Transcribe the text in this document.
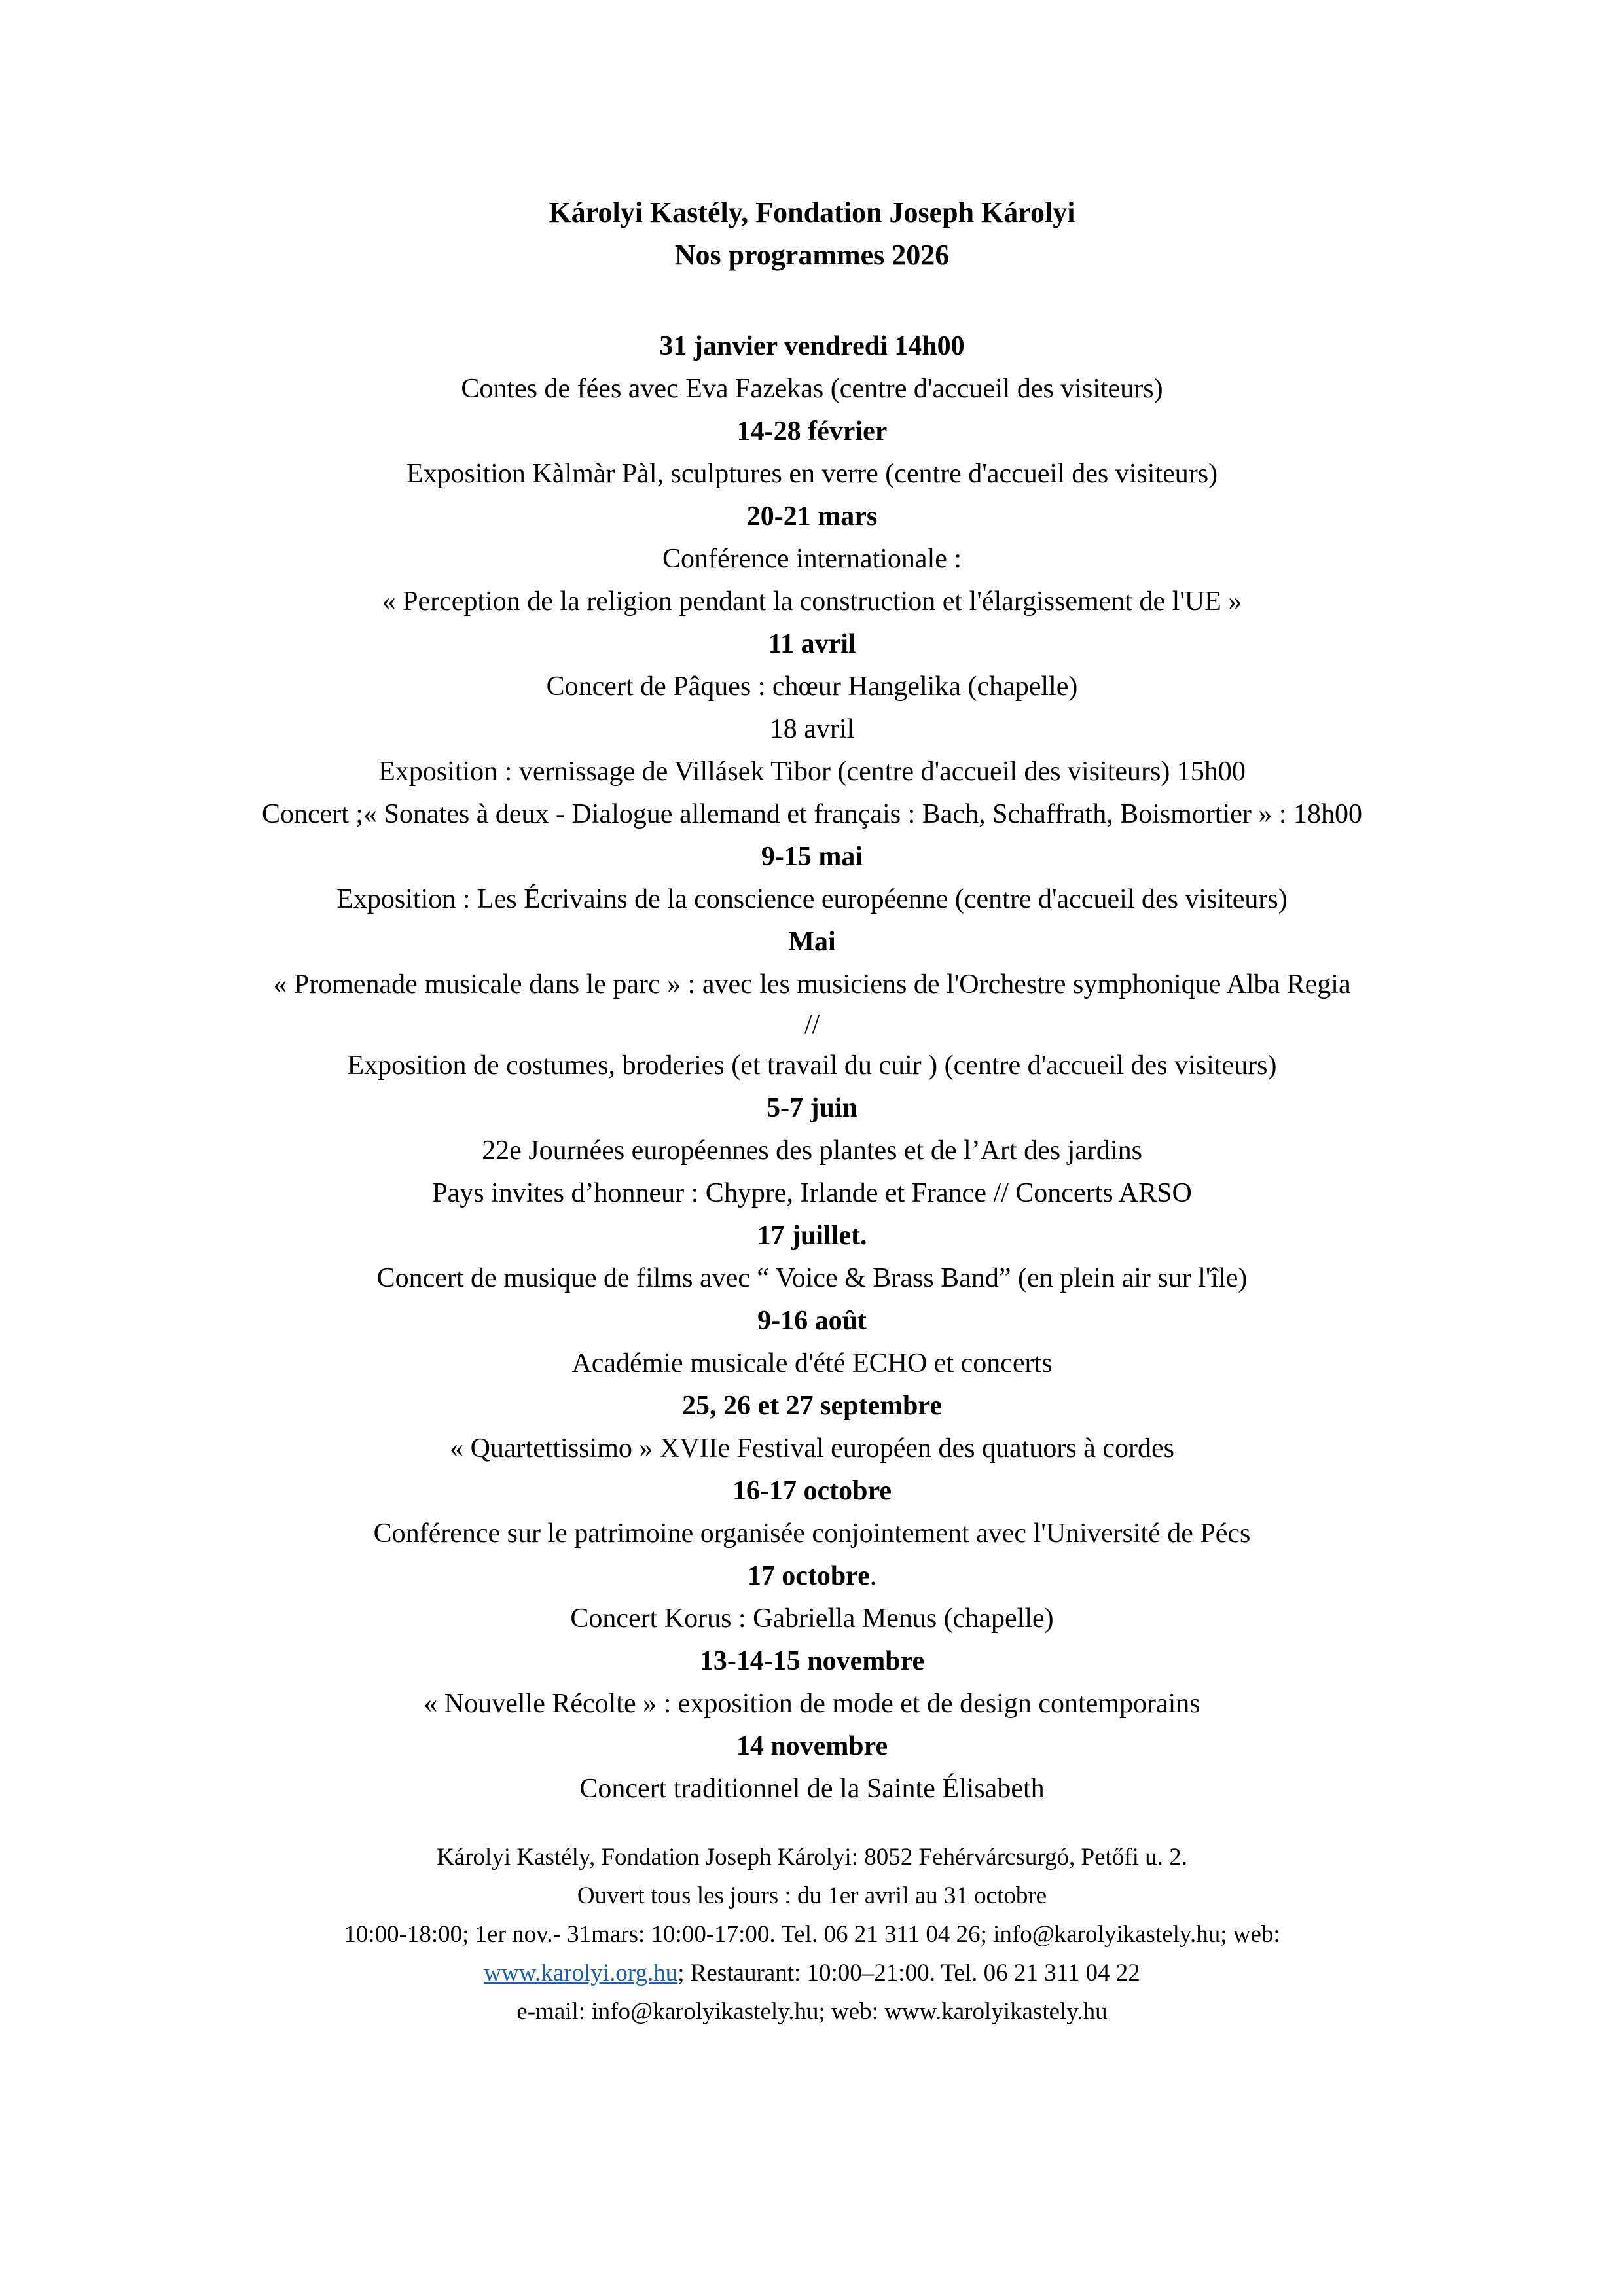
Károlyi Kastély, Fondation Joseph Károlyi
Nos programmes 2026
31 janvier vendredi 14h00
Contes de fées avec Eva Fazekas (centre d'accueil des visiteurs)
14-28 février
Exposition Kàlmàr Pàl, sculptures en verre (centre d'accueil des visiteurs)
20-21 mars
Conférence internationale :
« Perception de la religion pendant la construction et l'élargissement de l'UE »
11 avril
Concert de Pâques : chœur Hangelika (chapelle)
18 avril
Exposition : vernissage de Villásek Tibor (centre d'accueil des visiteurs) 15h00
Concert ;« Sonates à deux - Dialogue allemand et français : Bach, Schaffrath, Boismortier » : 18h00
9-15 mai
Exposition : Les Écrivains de la conscience européenne (centre d'accueil des visiteurs)
Mai
« Promenade musicale dans le parc » : avec les musiciens de l'Orchestre symphonique Alba Regia
//
Exposition de costumes, broderies (et travail du cuir ) (centre d'accueil des visiteurs)
5-7 juin
22e Journées européennes des plantes et de l’Art des jardins
Pays invites d’honneur : Chypre, Irlande et France // Concerts ARSO
17 juillet.
Concert de musique de films avec “ Voice & Brass Band” (en plein air sur l'île)
9-16 août
Académie musicale d'été ECHO et concerts
25, 26 et 27 septembre
« Quartettissimo » XVIIe Festival européen des quatuors à cordes
16-17 octobre
Conférence sur le patrimoine organisée conjointement avec l'Université de Pécs
17 octobre.
Concert Korus : Gabriella Menus (chapelle)
13-14-15 novembre
« Nouvelle Récolte » : exposition de mode et de design contemporains
14 novembre
Concert traditionnel de la Sainte Élisabeth
Károlyi Kastély, Fondation Joseph Károlyi: 8052 Fehérvárcsurgó, Petőfi u. 2.
Ouvert tous les jours : du 1er avril au 31 octobre
10:00-18:00; 1er nov.- 31mars: 10:00-17:00. Tel. 06 21 311 04 26; info@karolyikastely.hu; web:
www.karolyi.org.hu; Restaurant: 10:00–21:00. Tel. 06 21 311 04 22
e-mail: info@karolyikastely.hu; web: www.karolyikastely.hu
